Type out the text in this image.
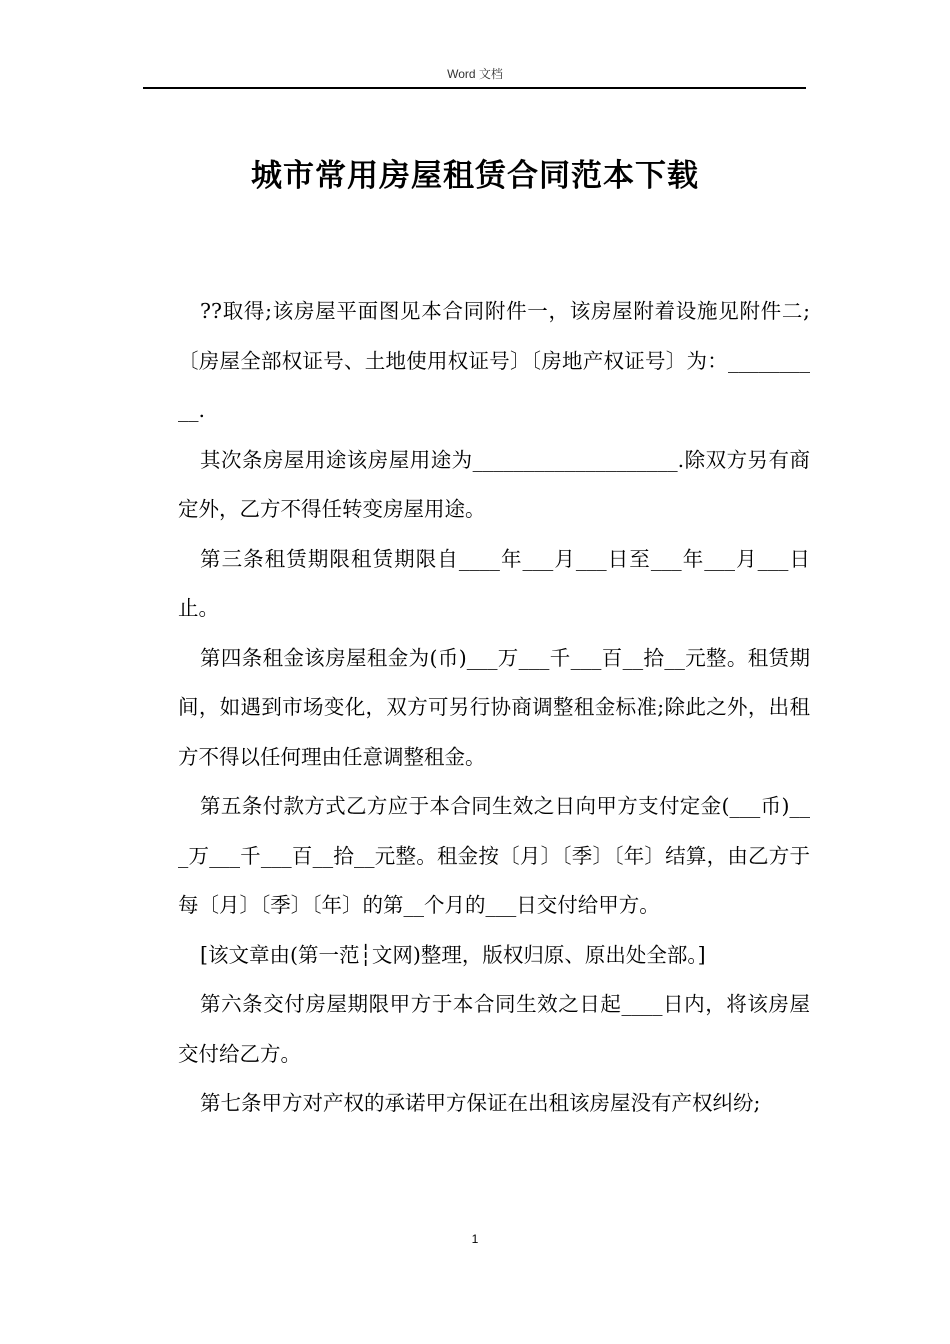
Word 文档
城市常用房屋租赁合同范本下载

??取得;该房屋平面图见本合同附件一，该房屋附着设施见附件二;〔房屋全部权证号、土地使用权证号〕〔房地产权证号〕为：__________.

其次条房屋用途该房屋用途为____________________.除双方另有商定外，乙方不得任转变房屋用途。

第三条租赁期限租赁期限自____年___月___日至___年___月___日止。

第四条租金该房屋租金为(币)___万___千___百__拾__元整。租赁期间，如遇到市场变化，双方可另行协商调整租金标准;除此之外，出租方不得以任何理由任意调整租金。

第五条付款方式乙方应于本合同生效之日向甲方支付定金(___币)___万___千___百__拾__元整。租金按〔月〕〔季〕〔年〕结算，由乙方于每〔月〕〔季〕〔年〕的第__个月的___日交付给甲方。

[该文章由(第一范┆文网)整理，版权归原、原出处全部。]

第六条交付房屋期限甲方于本合同生效之日起____日内，将该房屋交付给乙方。

第七条甲方对产权的承诺甲方保证在出租该房屋没有产权纠纷;

1
